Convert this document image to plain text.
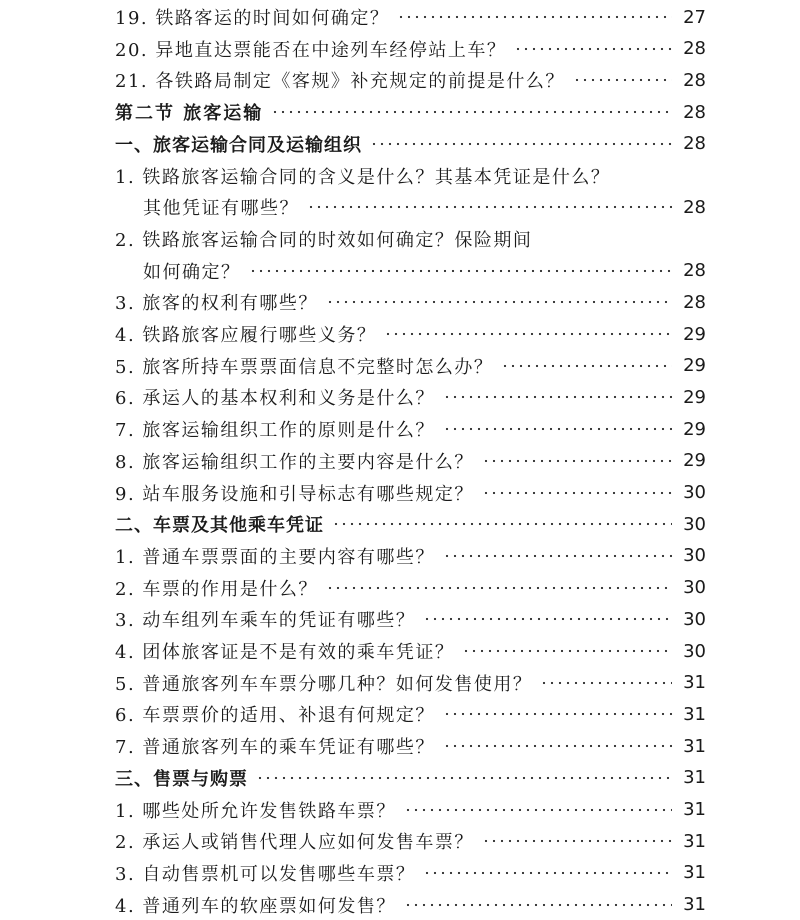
19. 铁路客运的时间如何确定？	27
20. 异地直达票能否在中途列车经停站上车？	28
21. 各铁路局制定《客规》补充规定的前提是什么？	28
第二节 旅客运输	28
一、旅客运输合同及运输组织	28
1. 铁路旅客运输合同的含义是什么？其基本凭证是什么？
其他凭证有哪些？	28
2. 铁路旅客运输合同的时效如何确定？保险期间
如何确定？	28
3. 旅客的权利有哪些？	28
4. 铁路旅客应履行哪些义务？	29
5. 旅客所持车票票面信息不完整时怎么办？	29
6. 承运人的基本权利和义务是什么？	29
7. 旅客运输组织工作的原则是什么？	29
8. 旅客运输组织工作的主要内容是什么？	29
9. 站车服务设施和引导标志有哪些规定？	30
二、车票及其他乘车凭证	30
1. 普通车票票面的主要内容有哪些？	30
2. 车票的作用是什么？	30
3. 动车组列车乘车的凭证有哪些？	30
4. 团体旅客证是不是有效的乘车凭证？	30
5. 普通旅客列车车票分哪几种？如何发售使用？	31
6. 车票票价的适用、补退有何规定？	31
7. 普通旅客列车的乘车凭证有哪些？	31
三、售票与购票	31
1. 哪些处所允许发售铁路车票？	31
2. 承运人或销售代理人应如何发售车票？	31
3. 自动售票机可以发售哪些车票？	31
4. 普通列车的软座票如何发售？	31
